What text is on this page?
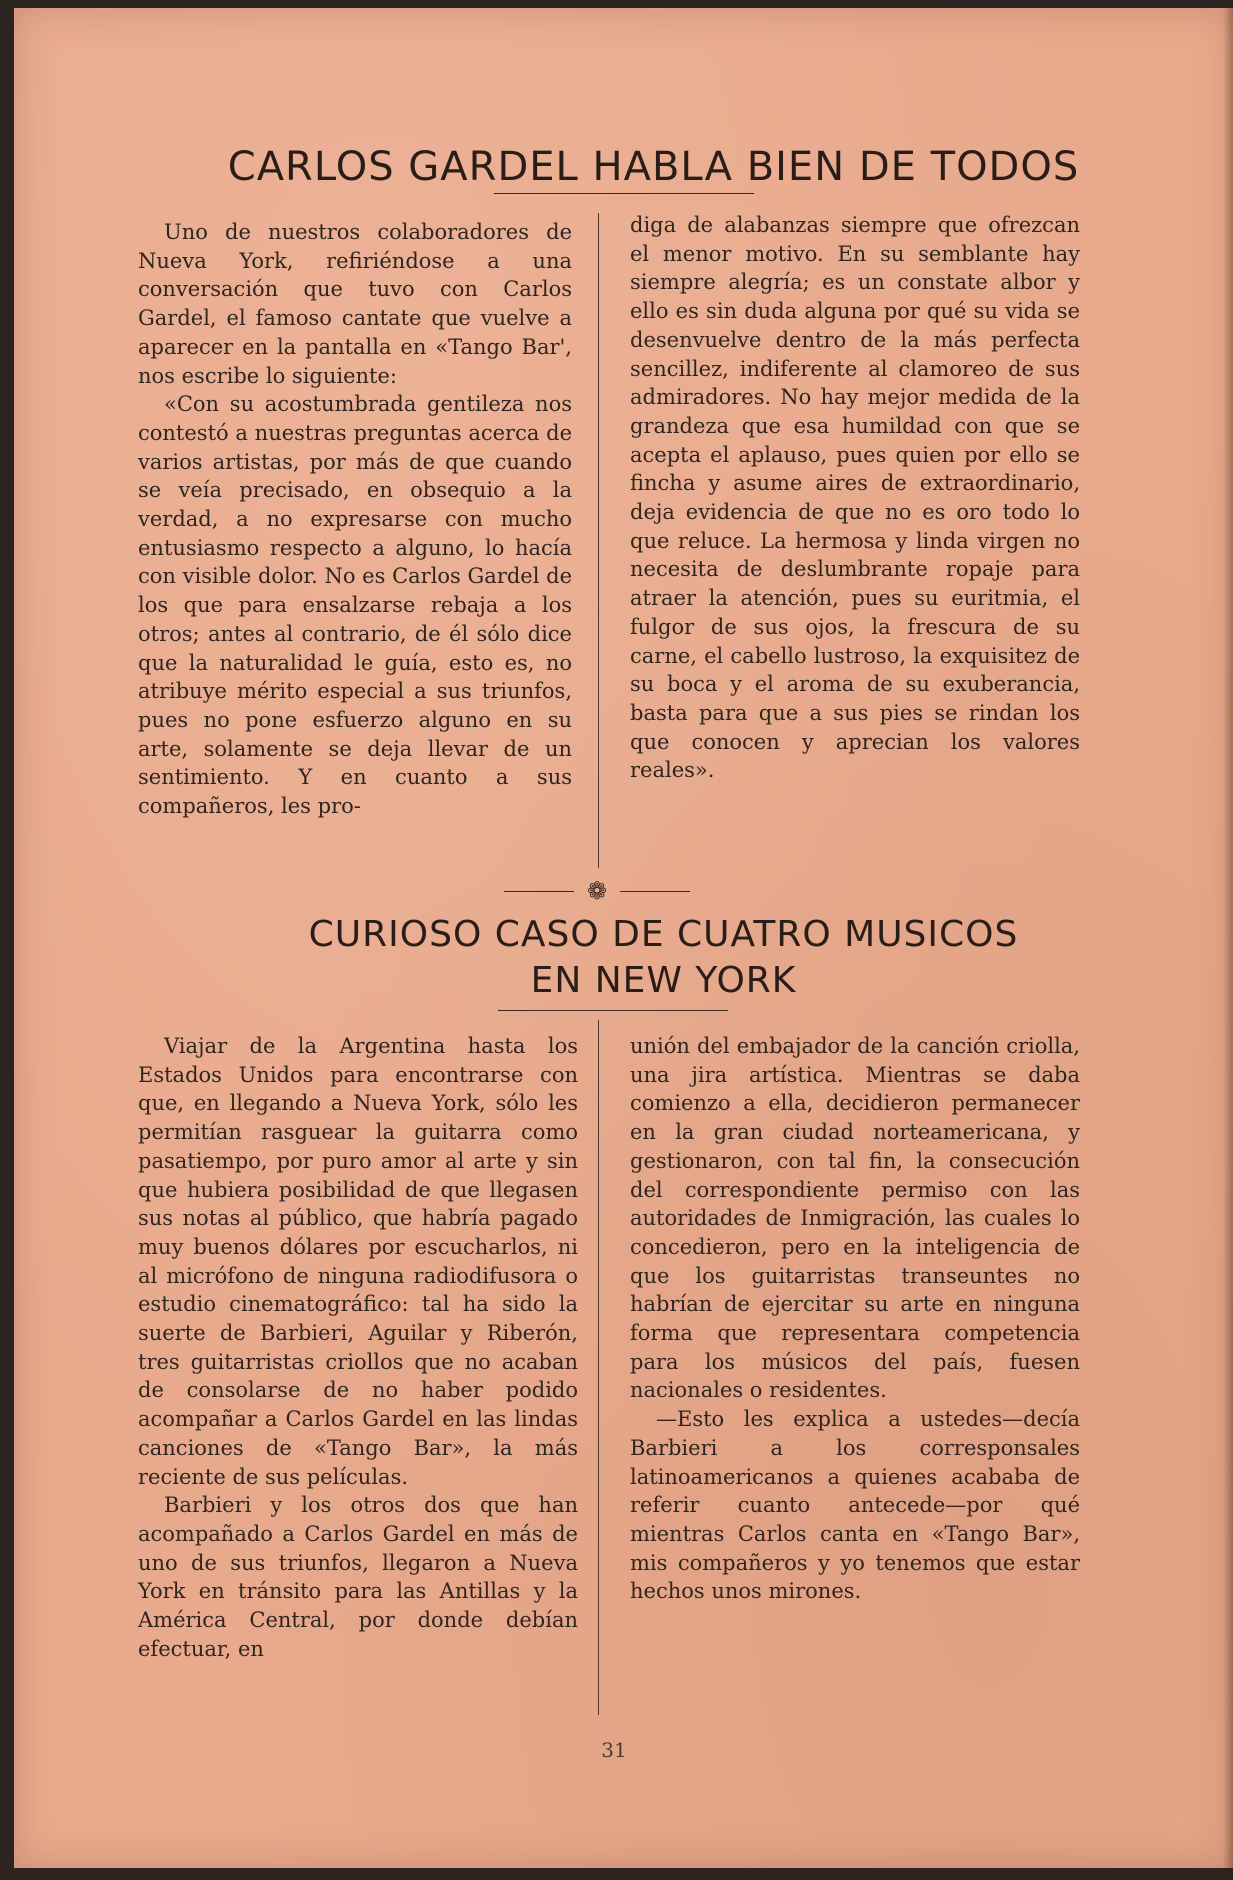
CARLOS GARDEL HABLA BIEN DE TODOS

Uno de nuestros colaboradores de Nueva York, refiriéndose a una conversación que tuvo con Carlos Gardel, el famoso cantate que vuelve a aparecer en la pantalla en «Tango Bar', nos escribe lo siguiente:

«Con su acostumbrada gentileza nos contestó a nuestras preguntas acerca de varios artistas, por más de que cuando se veía precisado, en obsequio a la verdad, a no expresarse con mucho entusiasmo respecto a alguno, lo hacía con visible dolor. No es Carlos Gardel de los que para ensalzarse rebaja a los otros; antes al contrario, de él sólo dice que la naturalidad le guía, esto es, no atribuye mérito especial a sus triunfos, pues no pone esfuerzo alguno en su arte, solamente se deja llevar de un sentimiento. Y en cuanto a sus compañeros, les pro-

diga de alabanzas siempre que ofrezcan el menor motivo. En su semblante hay siempre alegría; es un constate albor y ello es sin duda alguna por qué su vida se desenvuelve dentro de la más perfecta sencillez, indiferente al clamoreo de sus admiradores. No hay mejor medida de la grandeza que esa humildad con que se acepta el aplauso, pues quien por ello se fincha y asume aires de extraordinario, deja evidencia de que no es oro todo lo que reluce. La hermosa y linda virgen no necesita de deslumbrante ropaje para atraer la atención, pues su euritmia, el fulgor de sus ojos, la frescura de su carne, el cabello lustroso, la exquisitez de su boca y el aroma de su exuberancia, basta para que a sus pies se rindan los que conocen y aprecian los valores reales».

❁
CURIOSO CASO DE CUATRO MUSICOS
EN NEW YORK

Viajar de la Argentina hasta los Estados Unidos para encontrarse con que, en llegando a Nueva York, sólo les permitían rasguear la guitarra como pasatiempo, por puro amor al arte y sin que hubiera posibilidad de que llegasen sus notas al público, que habría pagado muy buenos dólares por escucharlos, ni al micrófono de ninguna radiodifusora o estudio cinematográfico: tal ha sido la suerte de Barbieri, Aguilar y Riberón, tres guitarristas criollos que no acaban de consolarse de no haber podido acompañar a Carlos Gardel en las lindas canciones de «Tango Bar», la más reciente de sus películas.

Barbieri y los otros dos que han acompañado a Carlos Gardel en más de uno de sus triunfos, llegaron a Nueva York en tránsito para las Antillas y la América Central, por donde debían efectuar, en

unión del embajador de la canción criolla, una jira artística. Mientras se daba comienzo a ella, decidieron permanecer en la gran ciudad norteamericana, y gestionaron, con tal fin, la consecución del correspondiente permiso con las autoridades de Inmigración, las cuales lo concedieron, pero en la inteligencia de que los guitarristas transeuntes no habrían de ejercitar su arte en ninguna forma que representara competencia para los músicos del país, fuesen nacionales o residentes.

—Esto les explica a ustedes—decía Barbieri a los corresponsales latinoamericanos a quienes acababa de referir cuanto antecede—por qué mientras Carlos canta en «Tango Bar», mis compañeros y yo tenemos que estar hechos unos mirones.

31
